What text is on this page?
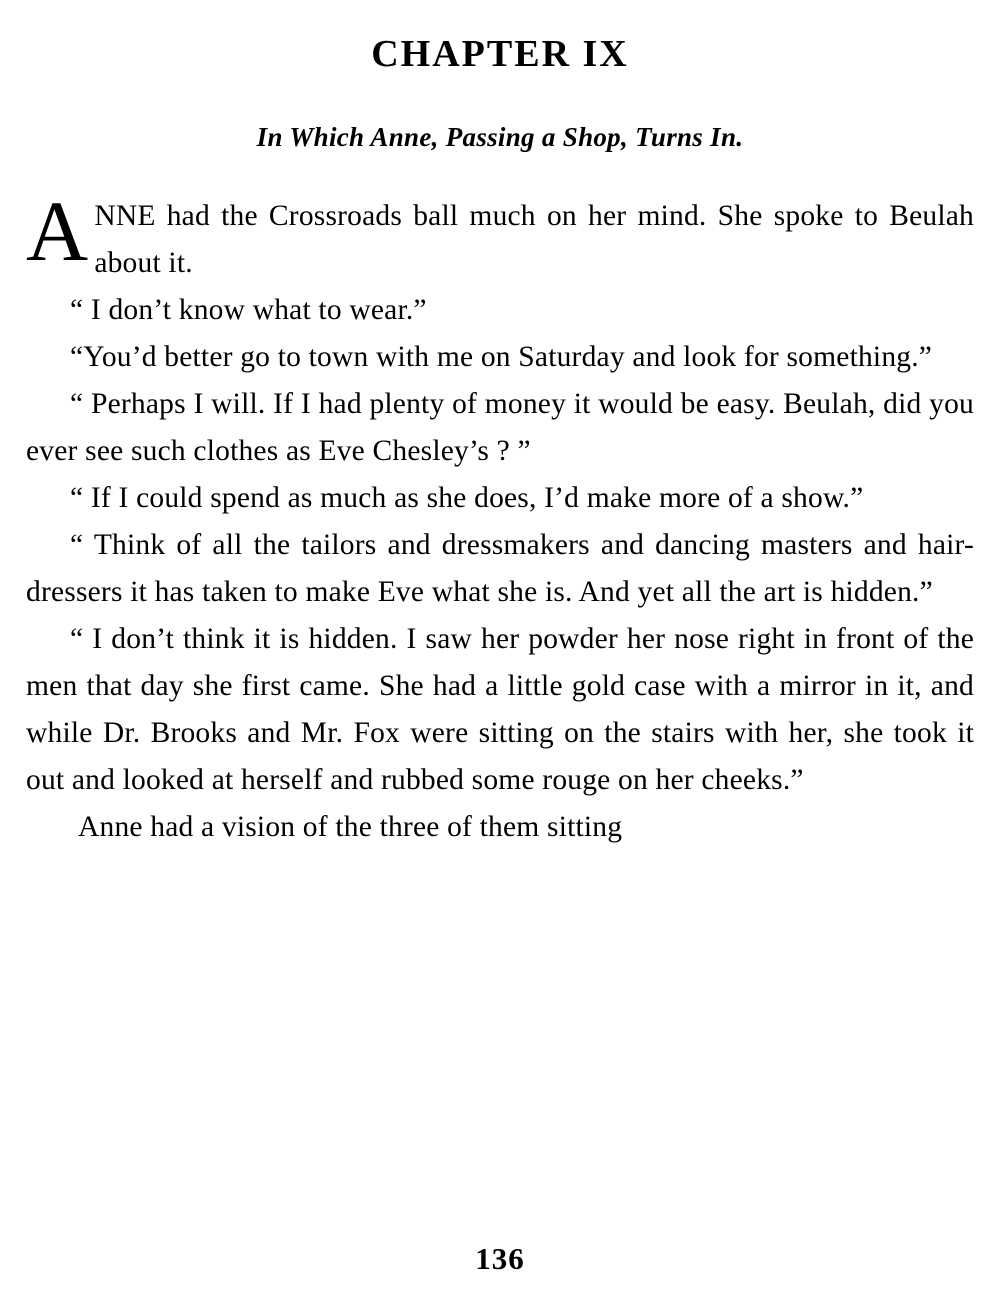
CHAPTER IX
In Which Anne, Passing a Shop, Turns In.

ANNE had the Crossroads ball much on her mind. She spoke to Beulah about it.

“ I don’t know what to wear.”

“You’d better go to town with me on Saturday and look for something.”

“ Perhaps I will. If I had plenty of money it would be easy. Beulah, did you ever see such clothes as Eve Chesley’s ? ”

“ If I could spend as much as she does, I’d make more of a show.”

“ Think of all the tailors and dressmakers and dancing masters and hair-dressers it has taken to make Eve what she is. And yet all the art is hidden.”

“ I don’t think it is hidden. I saw her powder her nose right in front of the men that day she first came. She had a little gold case with a mirror in it, and while Dr. Brooks and Mr. Fox were sitting on the stairs with her, she took it out and looked at herself and rubbed some rouge on her cheeks.”

Anne had a vision of the three of them sitting

136
